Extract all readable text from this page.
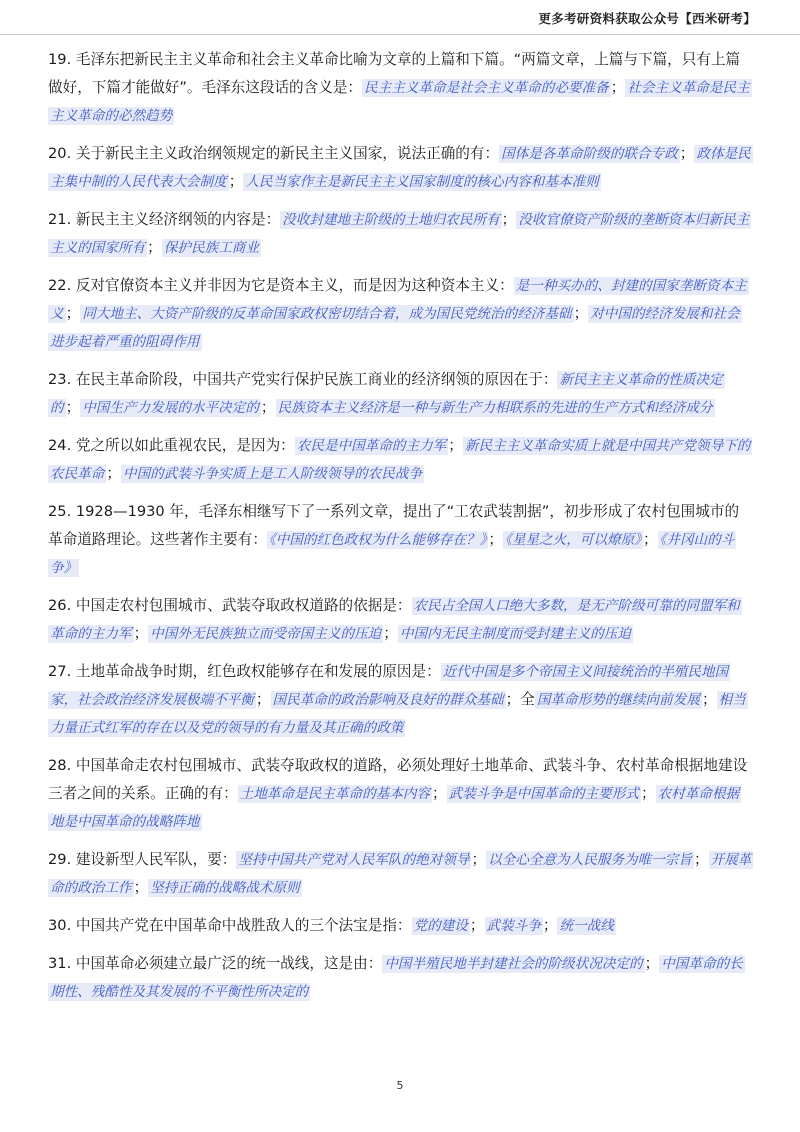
更多考研资料获取公众号【西米研考】
19. 毛泽东把新民主主义革命和社会主义革命比喻为文章的上篇和下篇。“两篇文章，上篇与下篇，只有上篇做好，下篇才能做好”。毛泽东这段话的含义是： 民主主义革命是社会主义革命的必要准备 ； 社会主义革命是民主主义革命的必然趋势
20. 关于新民主主义政治纲领规定的新民主主义国家，说法正确的有： 国体是各革命阶级的联合专政 ； 政体是民主集中制的人民代表大会制度 ； 人民当家作主是新民主主义国家制度的核心内容和基本准则
21. 新民主主义经济纲领的内容是： 没收封建地主阶级的土地归农民所有 ； 没收官僚资产阶级的垄断资本归新民主主义的国家所有 ； 保护民族工商业
22. 反对官僚资本主义并非因为它是资本主义，而是因为这种资本主义： 是一种买办的、封建的国家垄断资本主义 ； 同大地主、大资产阶级的反革命国家政权密切结合着，成为国民党统治的经济基础 ； 对中国的经济发展和社会进步起着严重的阻碍作用
23. 在民主革命阶段，中国共产党实行保护民族工商业的经济纲领的原因在于： 新民主主义革命的性质决定的 ； 中国生产力发展的水平决定的 ； 民族资本主义经济是一种与新生产力相联系的先进的生产方式和经济成分
24. 党之所以如此重视农民，是因为： 农民是中国革命的主力军 ； 新民主主义革命实质上就是中国共产党领导下的农民革命 ； 中国的武装斗争实质上是工人阶级领导的农民战争
25. 1928—1930 年，毛泽东相继写下了一系列文章，提出了“工农武装割据”，初步形成了农村包围城市的革命道路理论。这些著作主要有： 《中国的红色政权为什么能够存在？》 ； 《星星之火，可以燎原》 ； 《井冈山的斗争》
26. 中国走农村包围城市、武装夺取政权道路的依据是： 农民占全国人口绝大多数，是无产阶级可靠的同盟军和革命的主力军 ； 中国外无民族独立而受帝国主义的压迫 ； 中国内无民主制度而受封建主义的压迫
27. 土地革命战争时期，红色政权能够存在和发展的原因是： 近代中国是多个帝国主义间接统治的半殖民地国家，社会政治经济发展极端不平衡 ； 国民革命的政治影响及良好的群众基础 ；全 国革命形势的继续向前发展 ； 相当力量正式红军的存在以及党的领导的有力量及其正确的政策
28. 中国革命走农村包围城市、武装夺取政权的道路，必须处理好土地革命、武装斗争、农村革命根据地建设三者之间的关系。正确的有： 土地革命是民主革命的基本内容 ； 武装斗争是中国革命的主要形式 ； 农村革命根据地是中国革命的战略阵地
29. 建设新型人民军队，要： 坚持中国共产党对人民军队的绝对领导 ； 以全心全意为人民服务为唯一宗旨 ； 开展革命的政治工作 ； 坚持正确的战略战术原则
30. 中国共产党在中国革命中战胜敌人的三个法宝是指： 党的建设 ； 武装斗争 ； 统一战线
31. 中国革命必须建立最广泛的统一战线，这是由： 中国半殖民地半封建社会的阶级状况决定的 ； 中国革命的长期性、残酷性及其发展的不平衡性所决定的
5
